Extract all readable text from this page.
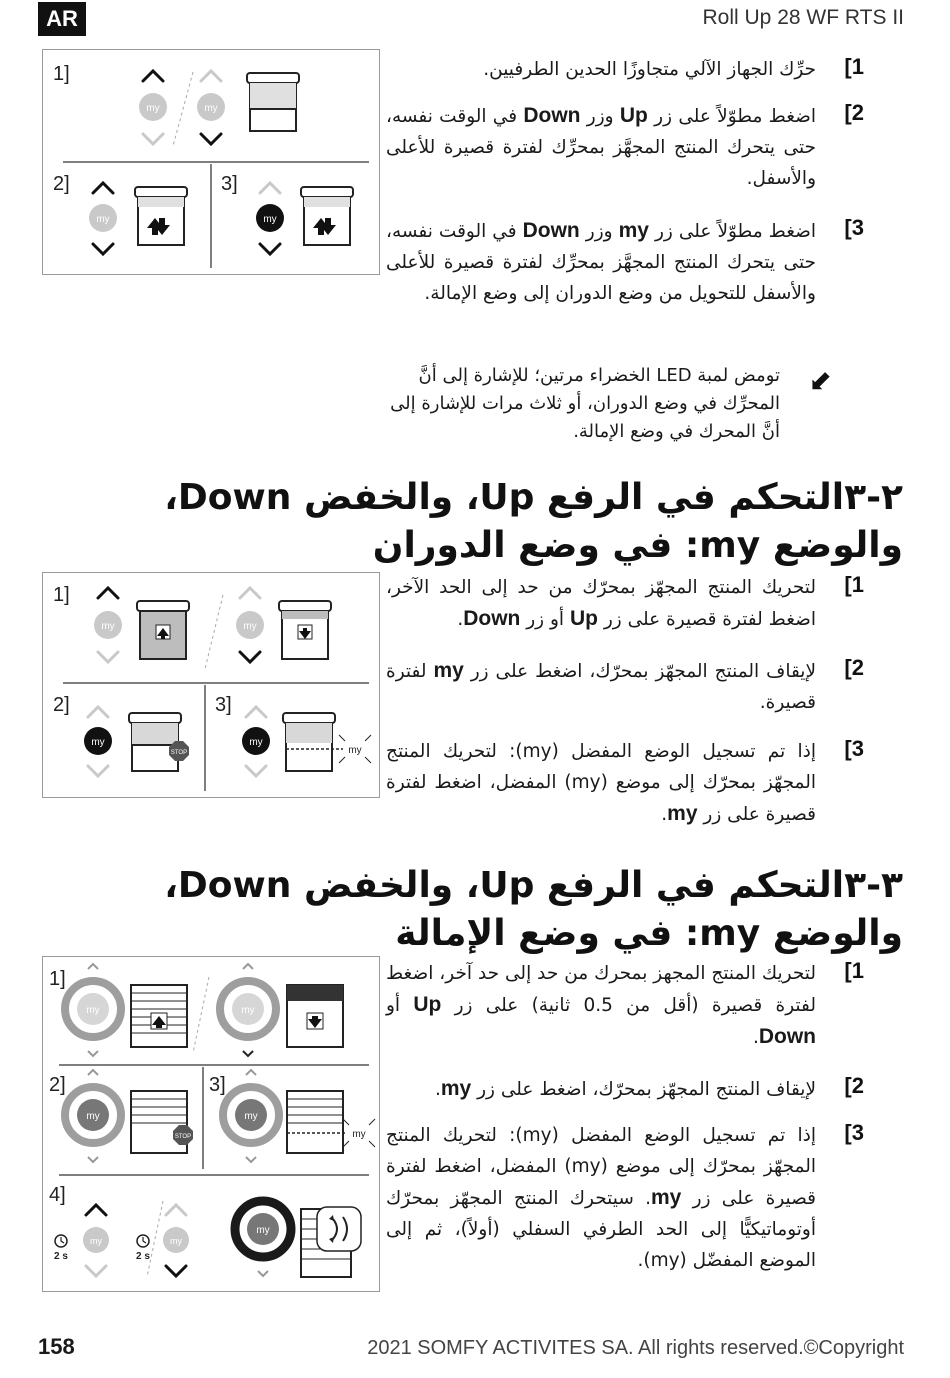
AR	Roll Up 28 WF RTS II
1]
my	my
2]
my
3]
my
1]
حرِّك الجهاز الآلي متجاوزًا الحدين الطرفيين.
2]
اضغط مطوّلاً على زر Up وزر Down في الوقت نفسه، حتى يتحرك المنتج المجهَّز بمحرِّك لفترة قصيرة للأعلى والأسفل.
3]
اضغط مطوّلاً على زر my وزر Down في الوقت نفسه، حتى يتحرك المنتج المجهَّز بمحرِّك لفترة قصيرة للأعلى والأسفل للتحويل من وضع الدوران إلى وضع الإمالة.
⬋
تومض لمبة LED الخضراء مرتين؛ للإشارة إلى أنَّ المحرِّك في وضع الدوران، أو ثلاث مرات للإشارة إلى أنَّ المحرك في وضع الإمالة.
٢-٣التحكم في الرفع Up، والخفض Down، والوضع my: في وضع الدوران
1]
my	my
2]
my
STOP
3]
my
my
1]
لتحريك المنتج المجهّز بمحرّك من حد إلى الحد الآخر، اضغط لفترة قصيرة على زر Up أو زر Down.
2]
لإيقاف المنتج المجهّز بمحرّك، اضغط على زر my لفترة قصيرة.
3]
إذا تم تسجيل الوضع المفضل (my): لتحريك المنتج المجهّز بمحرّك إلى موضع (my) المفضل، اضغط لفترة قصيرة على زر my.
٣-٣التحكم في الرفع Up، والخفض Down، والوضع my: في وضع الإمالة
1]
my	my
2]
my
STOP
3]
my
my
4]
my
2 s
my
2 s
my
1]
لتحريك المنتج المجهز بمحرك من حد إلى حد آخر، اضغط لفترة قصيرة (أقل من 0.5 ثانية) على زر Up أو Down.
2]
لإيقاف المنتج المجهّز بمحرّك، اضغط على زر my.
3]
إذا تم تسجيل الوضع المفضل (my): لتحريك المنتج المجهّز بمحرّك إلى موضع (my) المفضل، اضغط لفترة قصيرة على زر my. سيتحرك المنتج المجهّز بمحرّك أوتوماتيكيًّا إلى الحد الطرفي السفلي (أولاً)، ثم إلى الموضع المفضّل (my).
158	2021 SOMFY ACTIVITES SA. All rights reserved.©Copyright
